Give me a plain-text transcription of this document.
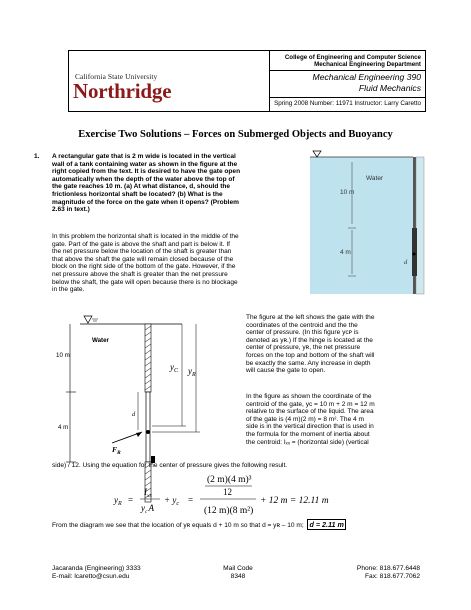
California State University
Northridge
College of Engineering and Computer Science
Mechanical Engineering Department
Mechanical Engineering 390
Fluid Mechanics
Spring 2008 Number: 11971 Instructor: Larry Caretto
Exercise Two Solutions – Forces on Submerged Objects and Buoyancy
1. A rectangular gate that is 2 m wide is located in the vertical
wall of a tank containing water as shown in the figure at the
right copied from the text. It is desired to have the gate open
automatically when the depth of the water above the top of
the gate reaches 10 m. (a) At what distance, d, should the
frictionless horizontal shaft be located? (b) What is the
magnitude of the force on the gate when it opens? (Problem
2.63 in text.)
In this problem the horizontal shaft is located in the middle of the
gate. Part of the gate is above the shaft and part is below it. If
the net pressure below the location of the shaft is greater than
that above the shaft the gate will remain closed because of the
block on the right side of the bottom of the gate. However, if the
net pressure above the shaft is greater than the net pressure
below the shaft, the gate will open because there is no blockage
in the gate.
Water
10 m
4 m
d
10 m
4 m
Water
d
$y_C$ $y_R$
$F_R$
The figure at the left shows the gate with the
coordinates of the centroid and the the
center of pressure. (In this figure yᴄᴘ is
denoted as yʀ.) If the hinge is located at the
center of pressure, yʀ, the net pressure
forces on the top and bottom of the shaft will
be exactly the same. Any increase in depth
will cause the gate to open.
In the figure as shown the coordinate of the
centroid of the gate, yᴄ = 10 m + 2 m = 12 m
relative to the surface of the liquid. The area
of the gate is (4 m)(2 m) = 8 m². The 4 m
side is in the vertical direction that is used in
the formula for the moment of inertia about
the centroid: Iₓₓ = (horizontal side) (vertical
side) / 12. Using the equation for the center of pressure gives the following result.
$y_R$ =
$I_{xx}$
$y_cA$
+ $y_c$ =
(2 m)(4 m)³
12
(12 m)(8 m²)
+ 12 m = 12.11 m
From the diagram we see that the location of yʀ equals d + 10 m so that d = yʀ – 10 m; d = 2.11 m
Jacaranda (Engineering) 3333
E-mail: lcaretto@csun.edu
Mail Code
8348
Phone: 818.677.6448
Fax: 818.677.7062
